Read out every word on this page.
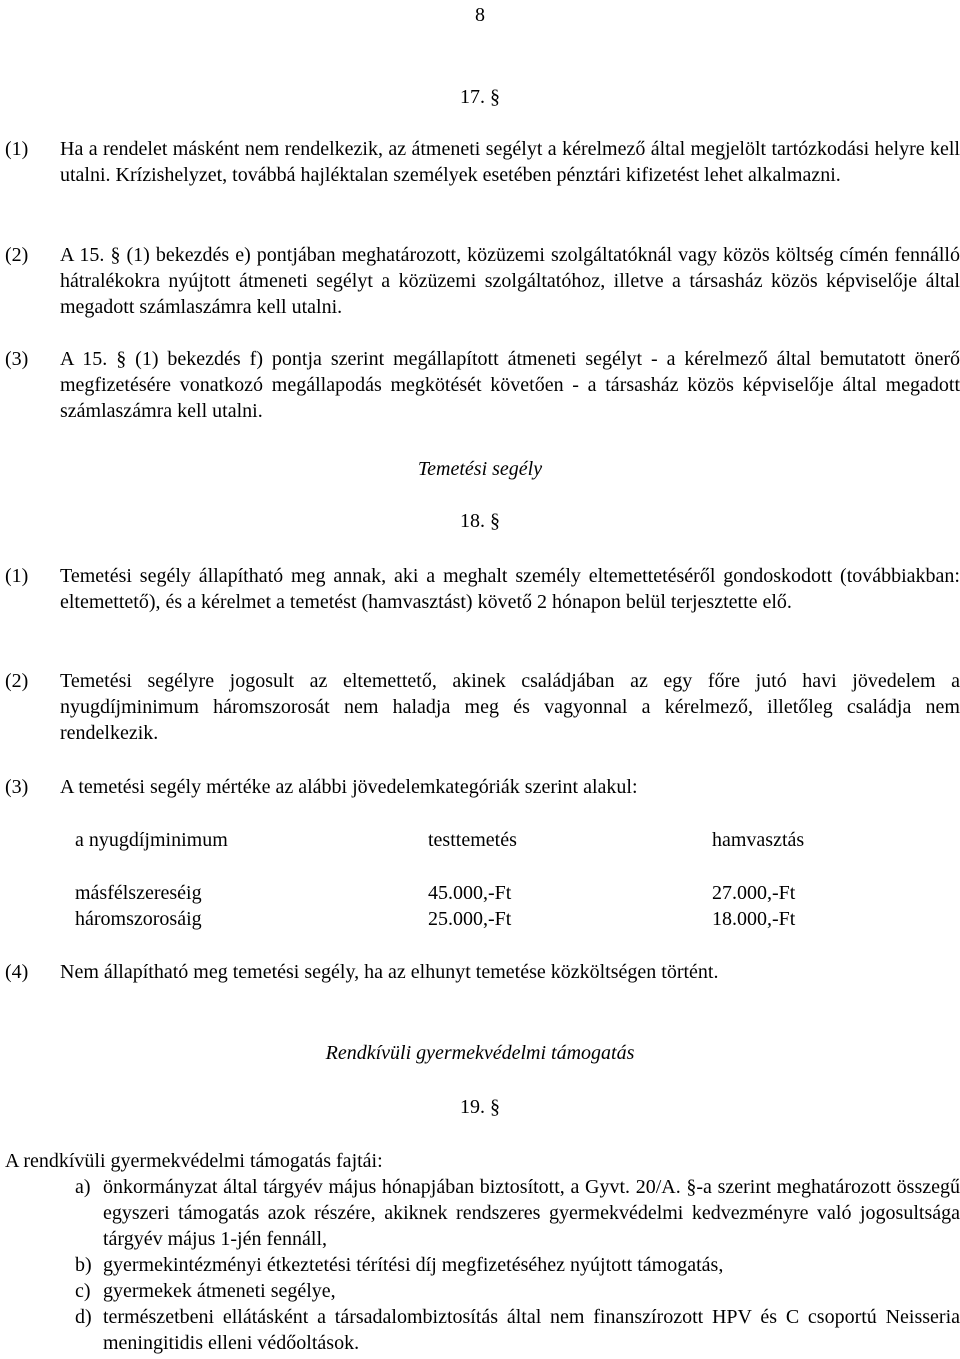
8
17. §
(1) Ha a rendelet másként nem rendelkezik, az átmeneti segélyt a kérelmező által megjelölt tartózkodási helyre kell utalni. Krízishelyzet, továbbá hajléktalan személyek esetében pénztári kifizetést lehet alkalmazni.
(2) A 15. § (1) bekezdés e) pontjában meghatározott, közüzemi szolgáltatóknál vagy közös költség címén fennálló hátralékokra nyújtott átmeneti segélyt a közüzemi szolgáltatóhoz, illetve a társasház közös képviselője által megadott számlaszámra kell utalni.
(3) A 15. § (1) bekezdés f) pontja szerint megállapított átmeneti segélyt - a kérelmező által bemutatott önerő megfizetésére vonatkozó megállapodás megkötését követően - a társasház közös képviselője által megadott számlaszámra kell utalni.
Temetési segély
18. §
(1) Temetési segély állapítható meg annak, aki a meghalt személy eltemettetéséről gondoskodott (továbbiakban: eltemettető), és a kérelmet a temetést (hamvasztást) követő 2 hónapon belül terjesztette elő.
(2) Temetési segélyre jogosult az eltemettető, akinek családjában az egy főre jutó havi jövedelem a nyugdíjminimum háromszorosát nem haladja meg és vagyonnal a kérelmező, illetőleg családja nem rendelkezik.
(3) A temetési segély mértéke az alábbi jövedelemkategóriák szerint alakul:
a nyugdíjminimum	testtemetés	hamvasztás
másfélszereséig	45.000,-Ft	27.000,-Ft
háromszorosáig	25.000,-Ft	18.000,-Ft
(4) Nem állapítható meg temetési segély, ha az elhunyt temetése közköltségen történt.
Rendkívüli gyermekvédelmi támogatás
19. §
A rendkívüli gyermekvédelmi támogatás fajtái:
a) önkormányzat által tárgyév május hónapjában biztosított, a Gyvt. 20/A. §-a szerint meghatározott összegű egyszeri támogatás azok részére, akiknek rendszeres gyermekvédelmi kedvezményre való jogosultsága tárgyév május 1-jén fennáll,
b) gyermekintézményi étkeztetési térítési díj megfizetéséhez nyújtott támogatás,
c) gyermekek átmeneti segélye,
d) természetbeni ellátásként a társadalombiztosítás által nem finanszírozott HPV és C csoportú Neisseria meningitidis elleni védőoltások.
